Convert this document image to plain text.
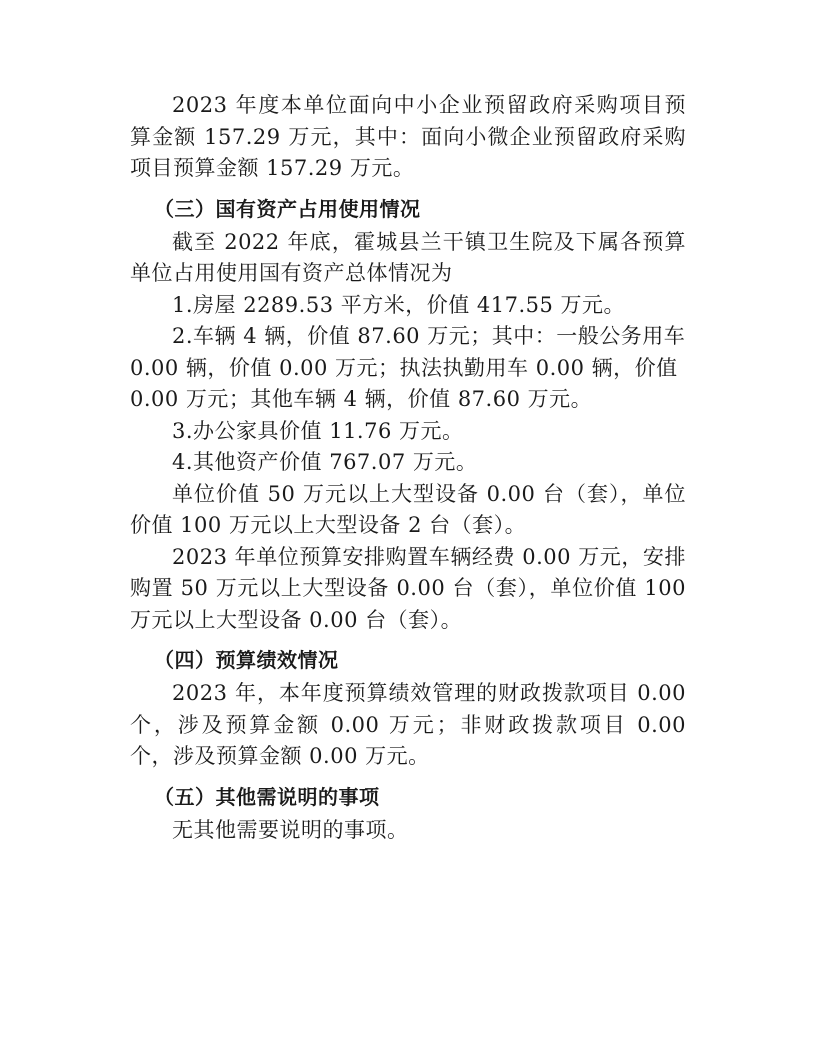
2023 年度本单位面向中小企业预留政府采购项目预算金额 157.29 万元，其中：面向小微企业预留政府采购项目预算金额 157.29 万元。

（三）国有资产占用使用情况

截至 2022 年底，霍城县兰干镇卫生院及下属各预算单位占用使用国有资产总体情况为

1.房屋 2289.53 平方米，价值 417.55 万元。

2.车辆 4 辆，价值 87.60 万元；其中：一般公务用车 0.00 辆，价值 0.00 万元；执法执勤用车 0.00 辆，价值 0.00 万元；其他车辆 4 辆，价值 87.60 万元。

3.办公家具价值 11.76 万元。

4.其他资产价值 767.07 万元。

单位价值 50 万元以上大型设备 0.00 台（套），单位价值 100 万元以上大型设备 2 台（套）。

2023 年单位预算安排购置车辆经费 0.00 万元，安排购置 50 万元以上大型设备 0.00 台（套），单位价值 100 万元以上大型设备 0.00 台（套）。

（四）预算绩效情况

2023 年，本年度预算绩效管理的财政拨款项目 0.00 个，涉及预算金额 0.00 万元；非财政拨款项目 0.00 个，涉及预算金额 0.00 万元。

（五）其他需说明的事项

无其他需要说明的事项。
